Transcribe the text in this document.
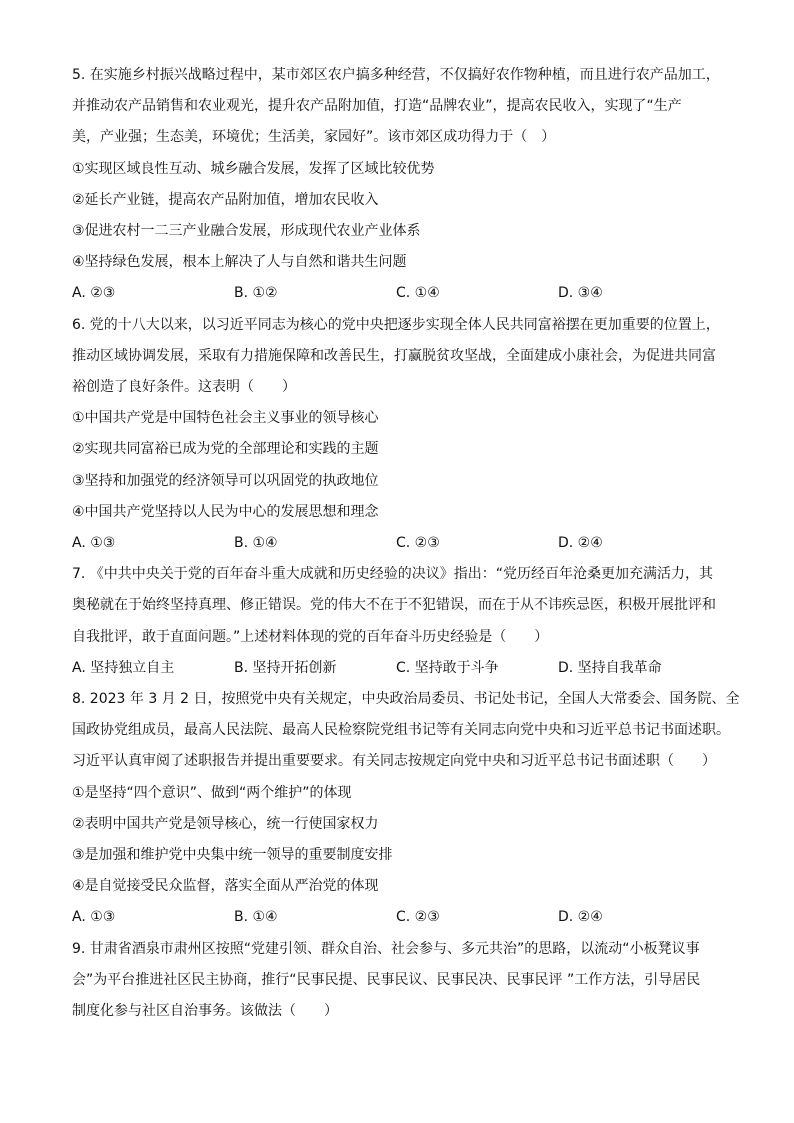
5. 在实施乡村振兴战略过程中，某市郊区农户搞多种经营，不仅搞好农作物种植，而且进行农产品加工，
并推动农产品销售和农业观光，提升农产品附加值，打造“品牌农业”，提高农民收入，实现了“生产
美，产业强；生态美，环境优；生活美，家园好”。该市郊区成功得力于（　）
①实现区域良性互动、城乡融合发展，发挥了区域比较优势
②延长产业链，提高农产品附加值，增加农民收入
③促进农村一二三产业融合发展，形成现代农业产业体系
④坚持绿色发展，根本上解决了人与自然和谐共生问题
A. ②③	B. ①②	C. ①④	D. ③④
6. 党的十八大以来，以习近平同志为核心的党中央把逐步实现全体人民共同富裕摆在更加重要的位置上，
推动区域协调发展，采取有力措施保障和改善民生，打赢脱贫攻坚战，全面建成小康社会，为促进共同富
裕创造了良好条件。这表明（　　）
①中国共产党是中国特色社会主义事业的领导核心
②实现共同富裕已成为党的全部理论和实践的主题
③坚持和加强党的经济领导可以巩固党的执政地位
④中国共产党坚持以人民为中心的发展思想和理念
A. ①③	B. ①④	C. ②③	D. ②④
7. 《中共中央关于党的百年奋斗重大成就和历史经验的决议》指出：“党历经百年沧桑更加充满活力，其
奥秘就在于始终坚持真理、修正错误。党的伟大不在于不犯错误，而在于从不讳疾忌医，积极开展批评和
自我批评，敢于直面问题。”上述材料体现的党的百年奋斗历史经验是（　　）
A. 坚持独立自主	B. 坚持开拓创新	C. 坚持敢于斗争	D. 坚持自我革命
8. 2023 年 3 月 2 日，按照党中央有关规定，中央政治局委员、书记处书记，全国人大常委会、国务院、全
国政协党组成员，最高人民法院、最高人民检察院党组书记等有关同志向党中央和习近平总书记书面述职。
习近平认真审阅了述职报告并提出重要要求。有关同志按规定向党中央和习近平总书记书面述职（　　）
①是坚持“四个意识”、做到“两个维护”的体现
②表明中国共产党是领导核心，统一行使国家权力
③是加强和维护党中央集中统一领导的重要制度安排
④是自觉接受民众监督，落实全面从严治党的体现
A. ①③	B. ①④	C. ②③	D. ②④
9. 甘肃省酒泉市肃州区按照“党建引领、群众自治、社会参与、多元共治”的思路，以流动“小板凳议事
会”为平台推进社区民主协商，推行“民事民提、民事民议、民事民决、民事民评 ”工作方法，引导居民
制度化参与社区自治事务。该做法（　　）
